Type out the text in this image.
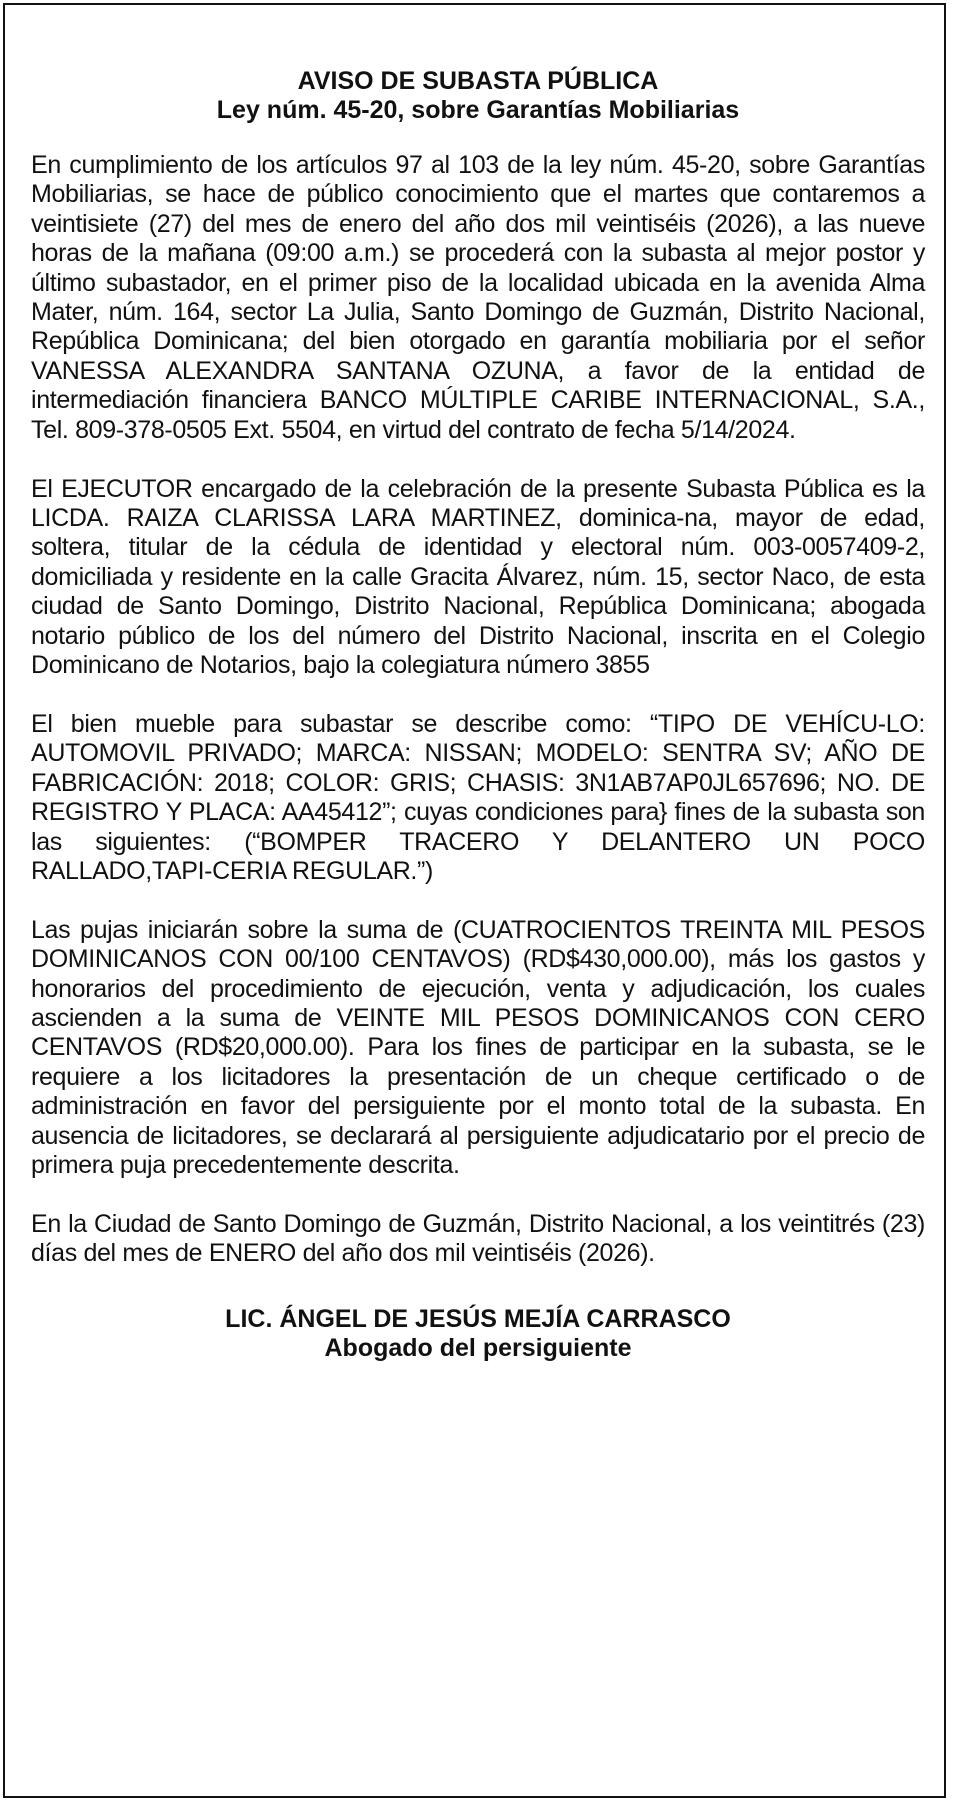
AVISO DE SUBASTA PÚBLICA
Ley núm. 45-20, sobre Garantías Mobiliarias

En cumplimiento de los artículos 97 al 103 de la ley núm. 45-20, sobre Garantías Mobiliarias, se hace de público conocimiento que el martes que contaremos a veintisiete (27) del mes de enero del año dos mil veintiséis (2026), a las nueve horas de la mañana (09:00 a.m.) se procederá con la subasta al mejor postor y último subastador, en el primer piso de la localidad ubicada en la avenida Alma Mater, núm. 164, sector La Julia, Santo Domingo de Guzmán, Distrito Nacional, República Dominicana; del bien otorgado en garantía mobiliaria por el señor VANESSA ALEXANDRA SANTANA OZUNA, a favor de la entidad de intermediación financiera BANCO MÚLTIPLE CARIBE INTERNACIONAL, S.A., Tel. 809-378-0505 Ext. 5504, en virtud del contrato de fecha 5/14/2024.

El EJECUTOR encargado de la celebración de la presente Subasta Pública es la LICDA. RAIZA CLARISSA LARA MARTINEZ, dominica-na, mayor de edad, soltera, titular de la cédula de identidad y electoral núm. 003-0057409-2, domiciliada y residente en la calle Gracita Álvarez, núm. 15, sector Naco, de esta ciudad de Santo Domingo, Distrito Nacional, República Dominicana; abogada notario público de los del número del Distrito Nacional, inscrita en el Colegio Dominicano de Notarios, bajo la colegiatura número 3855

El bien mueble para subastar se describe como: “TIPO DE VEHÍCU-LO: AUTOMOVIL PRIVADO; MARCA: NISSAN; MODELO: SENTRA SV; AÑO DE FABRICACIÓN: 2018; COLOR: GRIS; CHASIS: 3N1AB7AP0JL657696; NO. DE REGISTRO Y PLACA: AA45412”; cuyas condiciones para} fines de la subasta son las siguientes: (“BOMPER TRACERO Y DELANTERO UN POCO RALLADO,TAPI-CERIA REGULAR.”)

Las pujas iniciarán sobre la suma de (CUATROCIENTOS TREINTA MIL PESOS DOMINICANOS CON 00/100 CENTAVOS) (RD$430,000.00), más los gastos y honorarios del procedimiento de ejecución, venta y adjudicación, los cuales ascienden a la suma de VEINTE MIL PESOS DOMINICANOS CON CERO CENTAVOS (RD$20,000.00). Para los fines de participar en la subasta, se le requiere a los licitadores la presentación de un cheque certificado o de administración en favor del persiguiente por el monto total de la subasta. En ausencia de licitadores, se declarará al persiguiente adjudicatario por el precio de primera puja precedentemente descrita.

En la Ciudad de Santo Domingo de Guzmán, Distrito Nacional, a los veintitrés (23) días del mes de ENERO del año dos mil veintiséis (2026).

LIC. ÁNGEL DE JESÚS MEJÍA CARRASCO
Abogado del persiguiente
